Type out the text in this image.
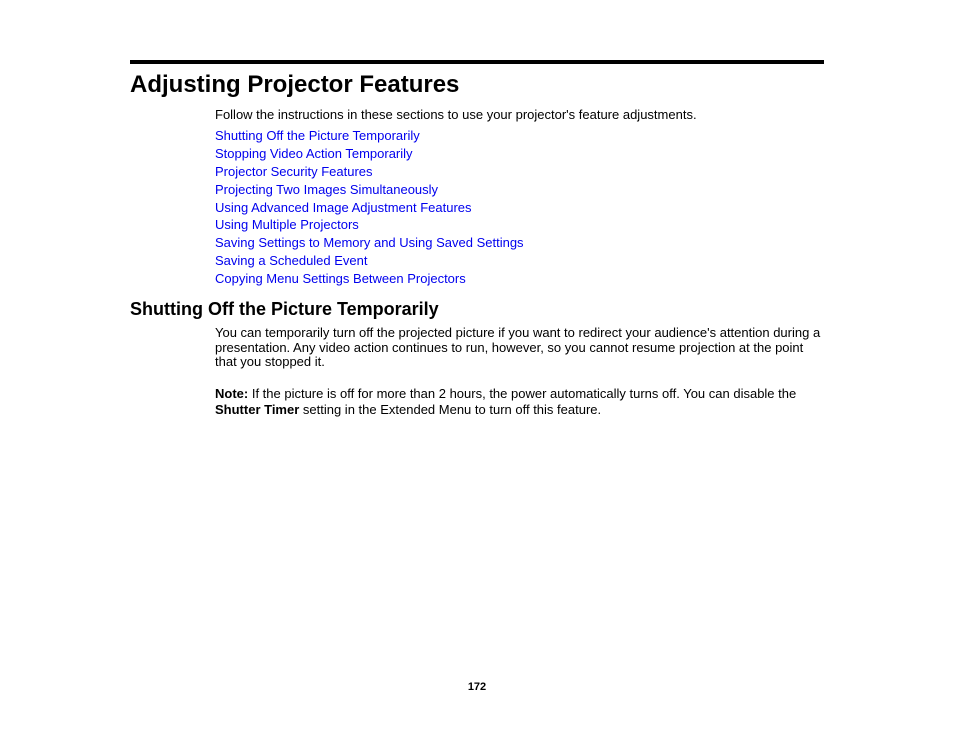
Adjusting Projector Features

Follow the instructions in these sections to use your projector's feature adjustments.

Shutting Off the Picture Temporarily
Stopping Video Action Temporarily
Projector Security Features
Projecting Two Images Simultaneously
Using Advanced Image Adjustment Features
Using Multiple Projectors
Saving Settings to Memory and Using Saved Settings
Saving a Scheduled Event
Copying Menu Settings Between Projectors
Shutting Off the Picture Temporarily

You can temporarily turn off the projected picture if you want to redirect your audience's attention during a presentation. Any video action continues to run, however, so you cannot resume projection at the point that you stopped it.

Note: If the picture is off for more than 2 hours, the power automatically turns off. You can disable the Shutter Timer setting in the Extended Menu to turn off this feature.

172
